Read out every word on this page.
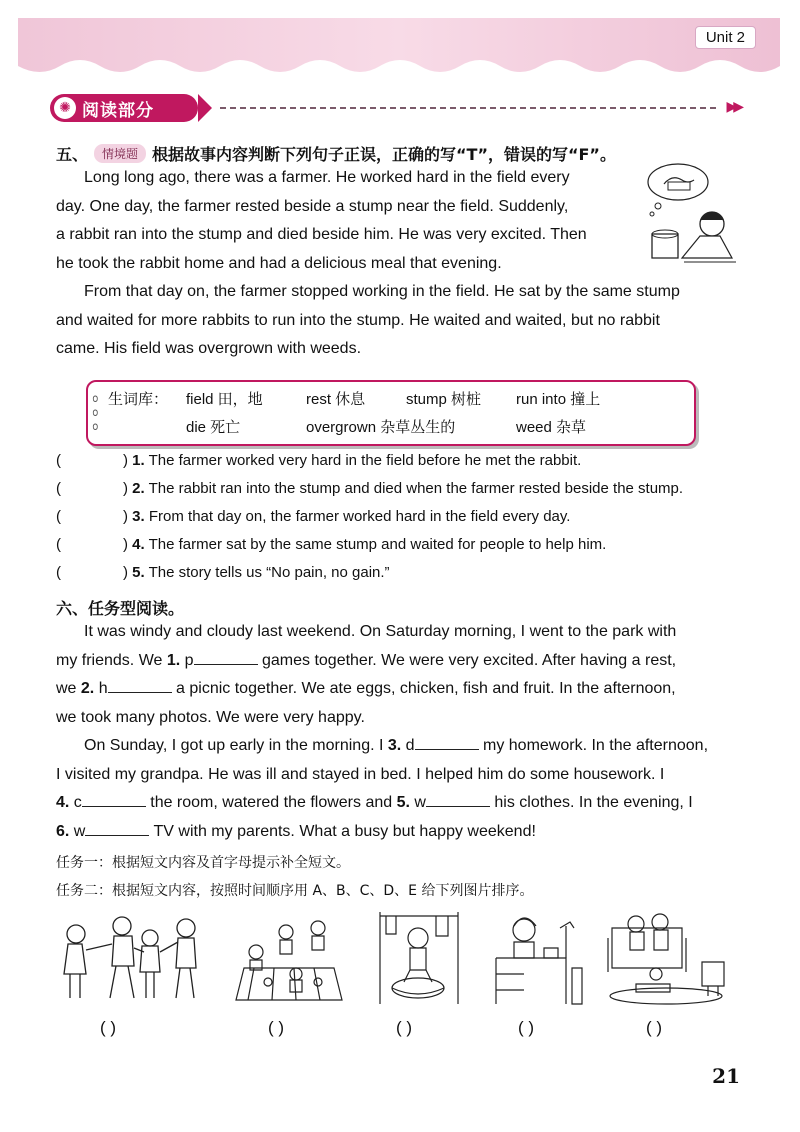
Unit 2
✺ 阅读部分	▶▶
五、 情境题 根据故事内容判断下列句子正误，正确的写“T”，错误的写“F”。
Long long ago, there was a farmer. He worked hard in the field every
day. One day, the farmer rested beside a stump near the field. Suddenly,
a rabbit ran into the stump and died beside him. He was very excited. Then
he took the rabbit home and had a delicious meal that evening.
From that day on, the farmer stopped working in the field. He sat by the same stump
and waited for more rabbits to run into the stump. He waited and waited, but no rabbit
came. His field was overgrown with weeds.
൦
൦
൦
生词库： field 田，地	rest 休息	stump 树桩 run into 撞上
die 死亡	overgrown 杂草丛生的	weed 杂草
(	) 1. The farmer worked very hard in the field before he met the rabbit.
(	) 2. The rabbit ran into the stump and died when the farmer rested beside the stump.
(	) 3. From that day on, the farmer worked hard in the field every day.
(	) 4. The farmer sat by the same stump and waited for people to help him.
(	) 5. The story tells us “No pain, no gain.”
六、任务型阅读。
It was windy and cloudy last weekend. On Saturday morning, I went to the park with
my friends. We 1. p	games together. We were very excited. After having a rest,
we 2. h	a picnic together. We ate eggs, chicken, fish and fruit. In the afternoon,
we took many photos. We were very happy.
On Sunday, I got up early in the morning. I 3. d	my homework. In the afternoon,
I visited my grandpa. He was ill and stayed in bed. I helped him do some housework. I
4. c	the room, watered the flowers and 5. w	his clothes. In the evening, I
6. w	TV with my parents. What a busy but happy weekend!
任务一：根据短文内容及首字母提示补全短文。
任务二：根据短文内容，按照时间顺序用 A、B、C、D、E 给下列图片排序。
( )	( )	( )	( )	( )
21
